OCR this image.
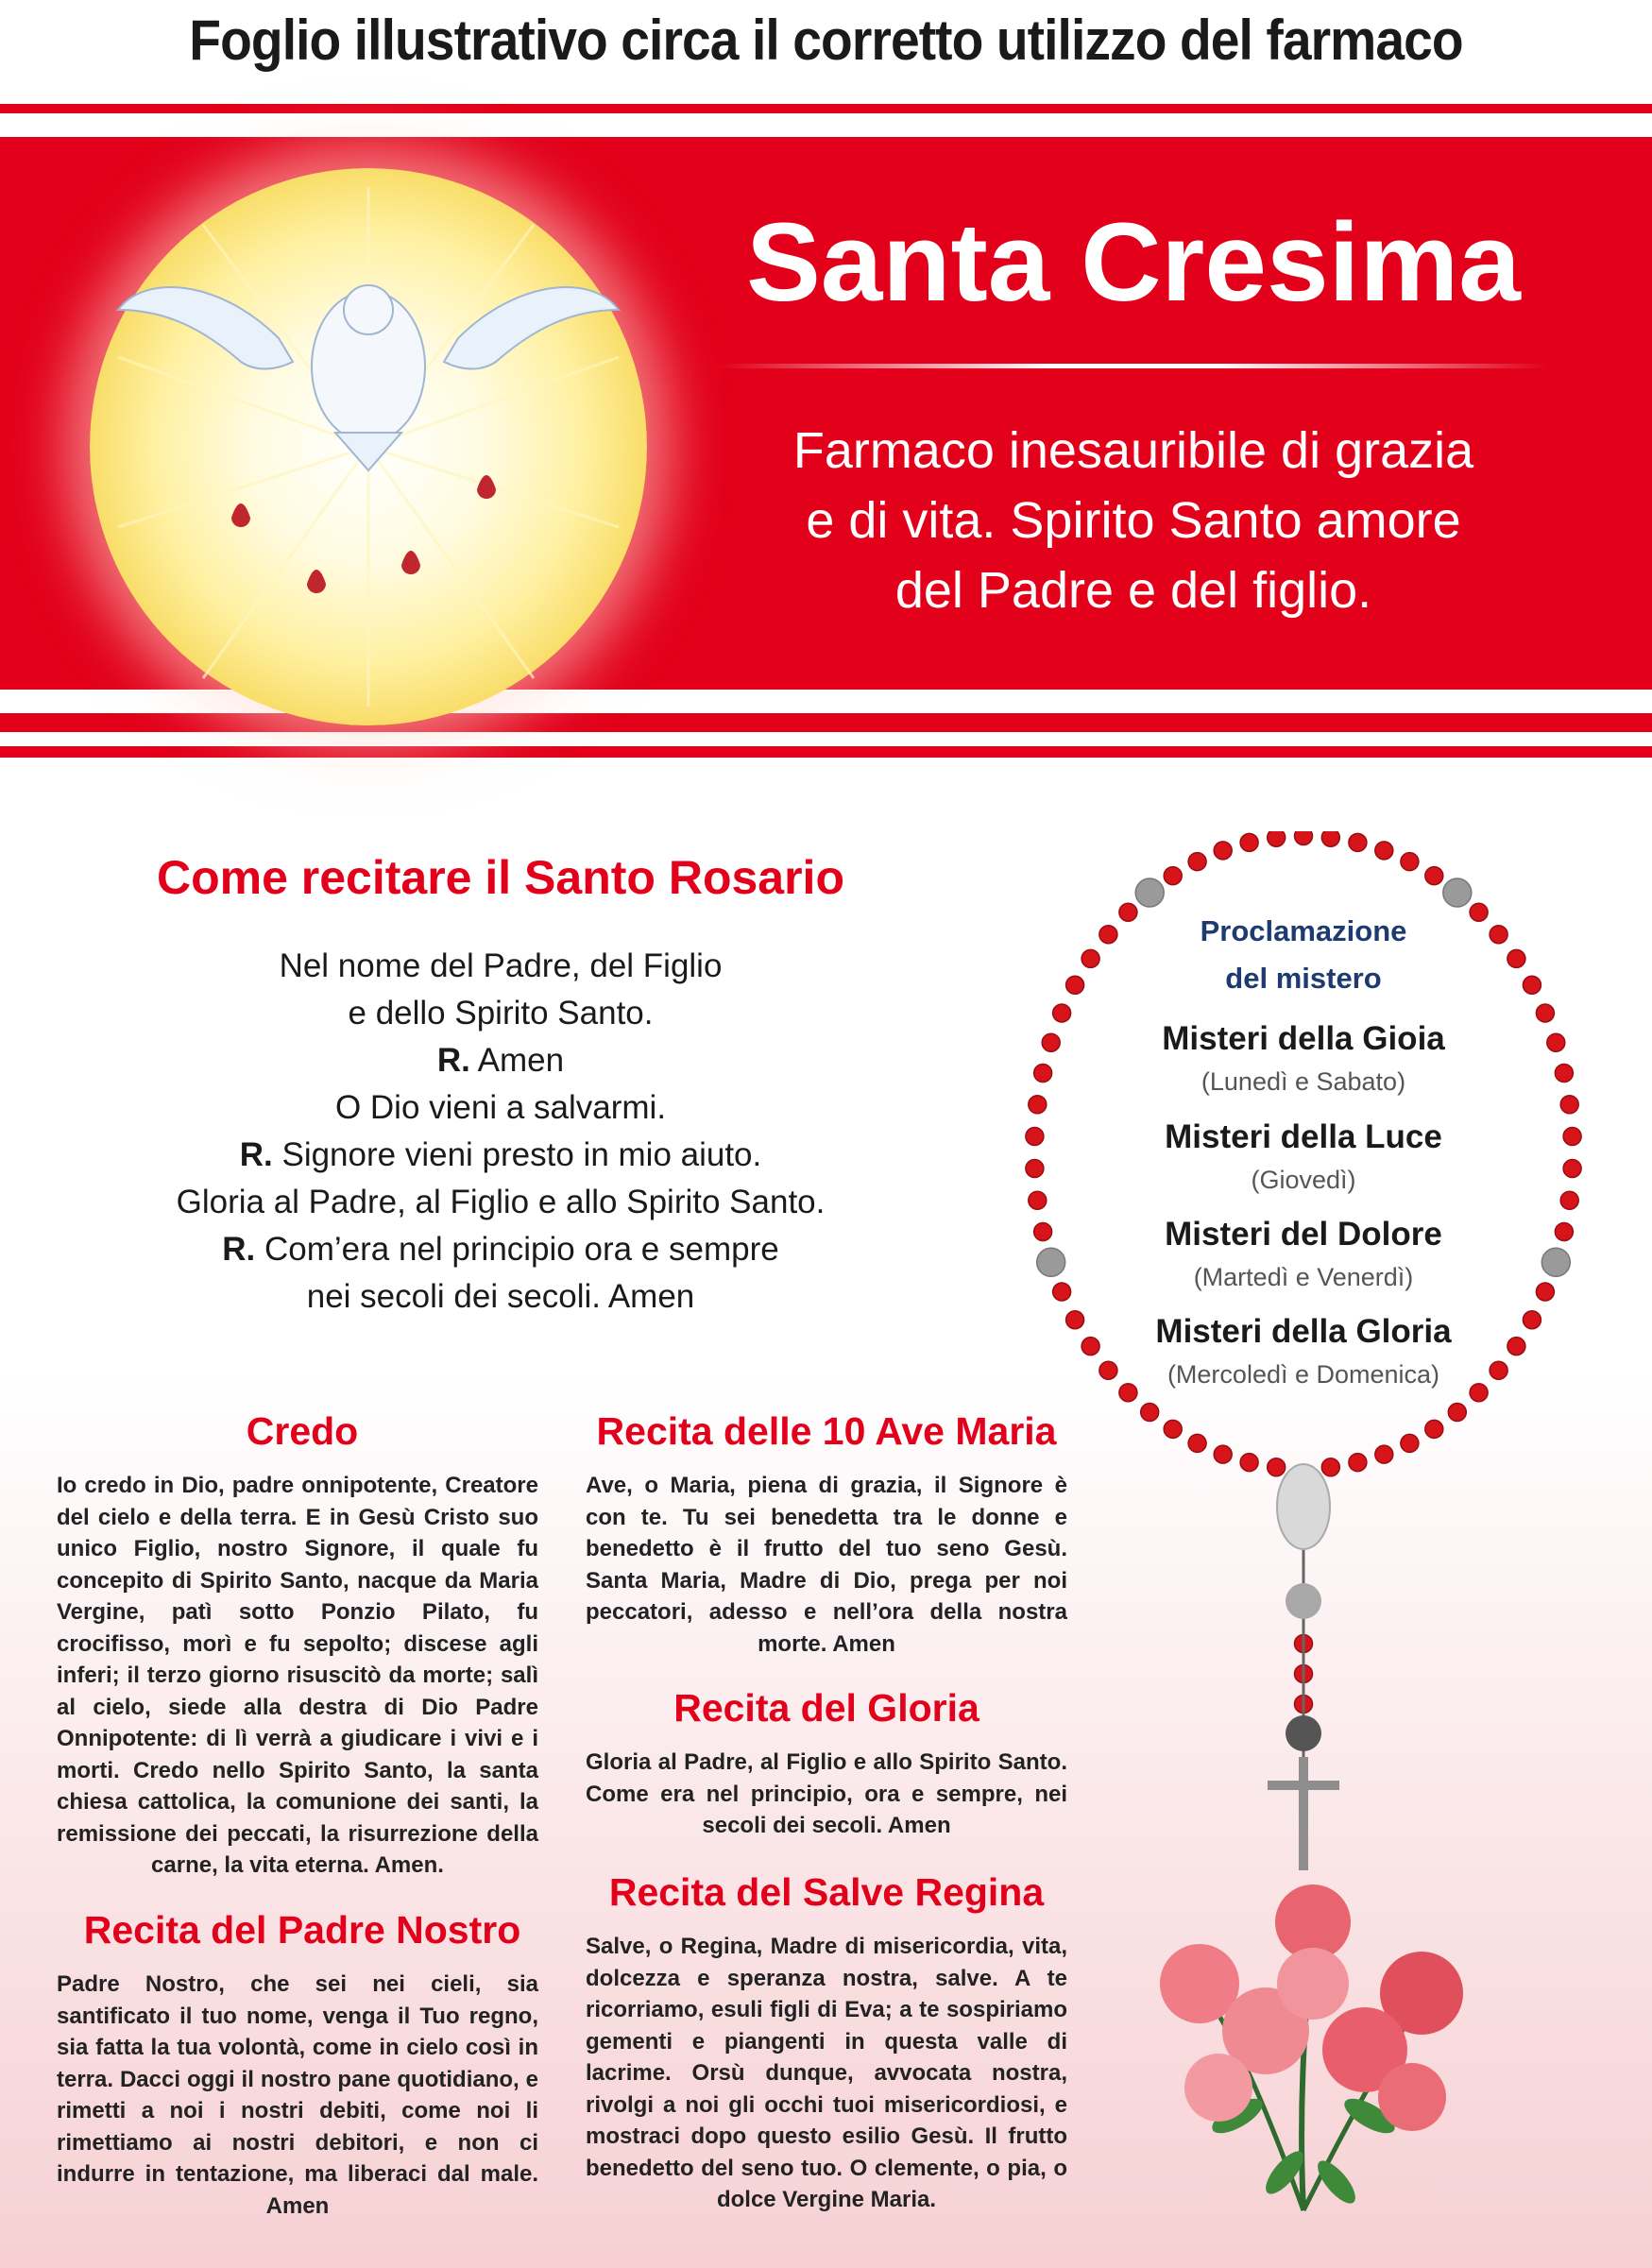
Foglio illustrativo circa il corretto utilizzo del farmaco
Santa Cresima
Farmaco inesauribile di grazia
e di vita. Spirito Santo amore
del Padre e del figlio.
Come recitare il Santo Rosario
Nel nome del Padre, del Figlio
e dello Spirito Santo.
R. Amen
O Dio vieni a salvarmi.
R. Signore vieni presto in mio aiuto.
Gloria al Padre, al Figlio e allo Spirito Santo.
R. Com’era nel principio ora e sempre
nei secoli dei secoli. Amen
Credo
Io credo in Dio, padre onnipotente, Creatore del cielo e della terra. E in Gesù Cristo suo unico Figlio, nostro Signore, il quale fu concepito di Spirito Santo, nacque da Maria Vergine, patì sotto Ponzio Pilato, fu crocifisso, morì e fu sepolto; discese agli inferi; il terzo giorno risuscitò da morte; salì al cielo, siede alla destra di Dio Padre Onnipotente: di lì verrà a giudicare i vivi e i morti. Credo nello Spirito Santo, la santa chiesa cattolica, la comunione dei santi, la remissione dei peccati, la risurrezione della carne, la vita eterna. Amen.
Recita del Padre Nostro
Padre Nostro, che sei nei cieli, sia santificato il tuo nome, venga il Tuo regno, sia fatta la tua volontà, come in cielo così in terra. Dacci oggi il nostro pane quotidiano, e rimetti a noi i nostri debiti, come noi li rimettiamo ai nostri debitori, e non ci indurre in tentazione, ma liberaci dal male. Amen
Recita delle 10 Ave Maria
Ave, o Maria, piena di grazia, il Signore è con te. Tu sei benedetta tra le donne e benedetto è il frutto del tuo seno Gesù. Santa Maria, Madre di Dio, prega per noi peccatori, adesso e nell’ora della nostra morte. Amen
Recita del Gloria
Gloria al Padre, al Figlio e allo Spirito Santo. Come era nel principio, ora e sempre, nei secoli dei secoli. Amen
Recita del Salve Regina
Salve, o Regina, Madre di misericordia, vita, dolcezza e speranza nostra, salve. A te ricorriamo, esuli figli di Eva; a te sospiriamo gementi e piangenti in questa valle di lacrime. Orsù dunque, avvocata nostra, rivolgi a noi gli occhi tuoi misericordiosi, e mostraci dopo questo esilio Gesù. Il frutto benedetto del seno tuo. O clemente, o pia, o dolce Vergine Maria.
Proclamazione
del mistero
Misteri della Gioia
(Lunedì e Sabato)
Misteri della Luce
(Giovedì)
Misteri del Dolore
(Martedì e Venerdì)
Misteri della Gloria
(Mercoledì e Domenica)
